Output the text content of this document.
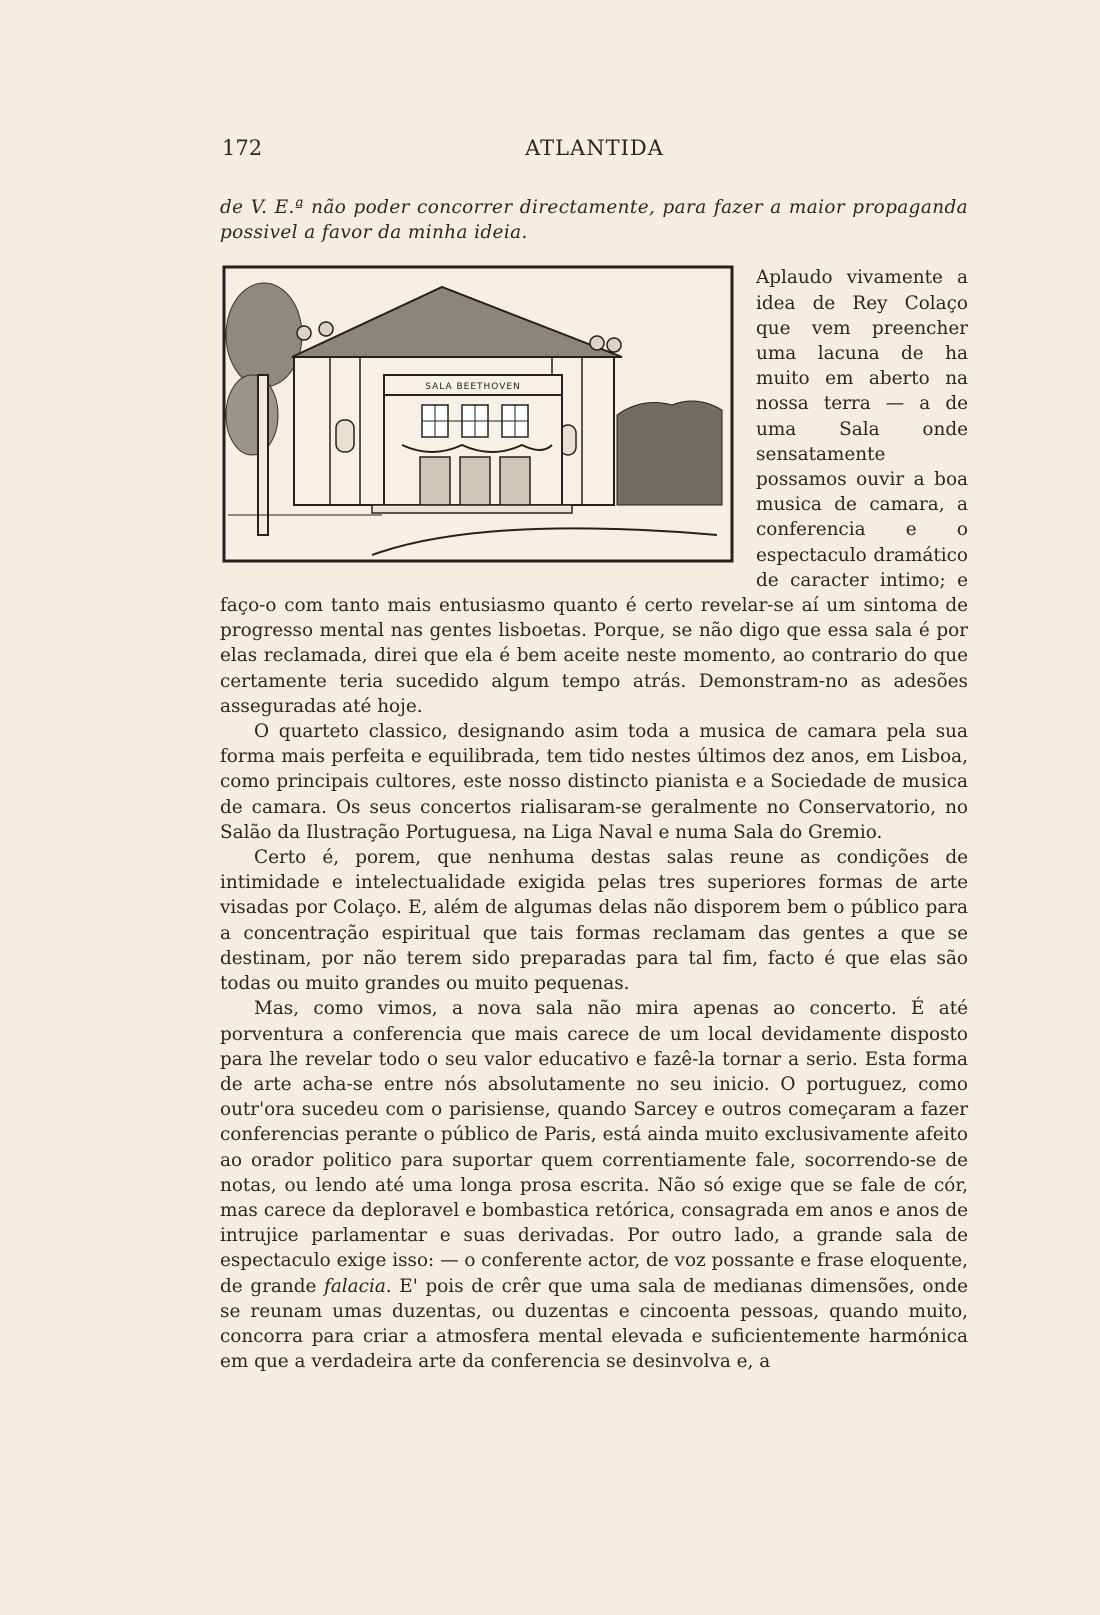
172	ATLANTIDA

de V. E.ª não poder concorrer directamente, para fazer a maior propaganda possivel a favor da minha ideia.

SALA BEETHOVEN

Aplaudo vivamente a idea de Rey Colaço que vem preencher uma lacuna de ha muito em aberto na nossa terra — a de uma Sala onde sensatamente possamos ouvir a boa musica de camara, a conferencia e o espectaculo dramático de caracter intimo; e faço-o com tanto mais entusiasmo quanto é certo revelar-se aí um sintoma de progresso mental nas gentes lisboetas. Porque, se não digo que essa sala é por elas reclamada, direi que ela é bem aceite neste momento, ao contrario do que certamente teria sucedido algum tempo atrás. Demonstram-no as adesões asseguradas até hoje.

O quarteto classico, designando asim toda a musica de camara pela sua forma mais perfeita e equilibrada, tem tido nestes últimos dez anos, em Lisboa, como principais cultores, este nosso distincto pianista e a Sociedade de musica de camara. Os seus concertos rialisaram-se geralmente no Conservatorio, no Salão da Ilustração Portuguesa, na Liga Naval e numa Sala do Gremio.

Certo é, porem, que nenhuma destas salas reune as condições de intimidade e intelectualidade exigida pelas tres superiores formas de arte visadas por Colaço. E, além de algumas delas não disporem bem o público para a concentração espiritual que tais formas reclamam das gentes a que se destinam, por não terem sido preparadas para tal fim, facto é que elas são todas ou muito grandes ou muito pequenas.

Mas, como vimos, a nova sala não mira apenas ao concerto. É até porventura a conferencia que mais carece de um local devidamente disposto para lhe revelar todo o seu valor educativo e fazê-la tornar a serio. Esta forma de arte acha-se entre nós absolutamente no seu inicio. O portuguez, como outr'ora sucedeu com o parisiense, quando Sarcey e outros começaram a fazer conferencias perante o público de Paris, está ainda muito exclusivamente afeito ao orador politico para suportar quem correntiamente fale, socorrendo-se de notas, ou lendo até uma longa prosa escrita. Não só exige que se fale de cór, mas carece da deploravel e bombastica retórica, consagrada em anos e anos de intrujice parlamentar e suas derivadas. Por outro lado, a grande sala de espectaculo exige isso: — o conferente actor, de voz possante e frase eloquente, de grande falacia. E' pois de crêr que uma sala de medianas dimensões, onde se reunam umas duzentas, ou duzentas e cincoenta pessoas, quando muito, concorra para criar a atmosfera mental elevada e suficientemente harmónica em que a verdadeira arte da conferencia se desinvolva e, a
